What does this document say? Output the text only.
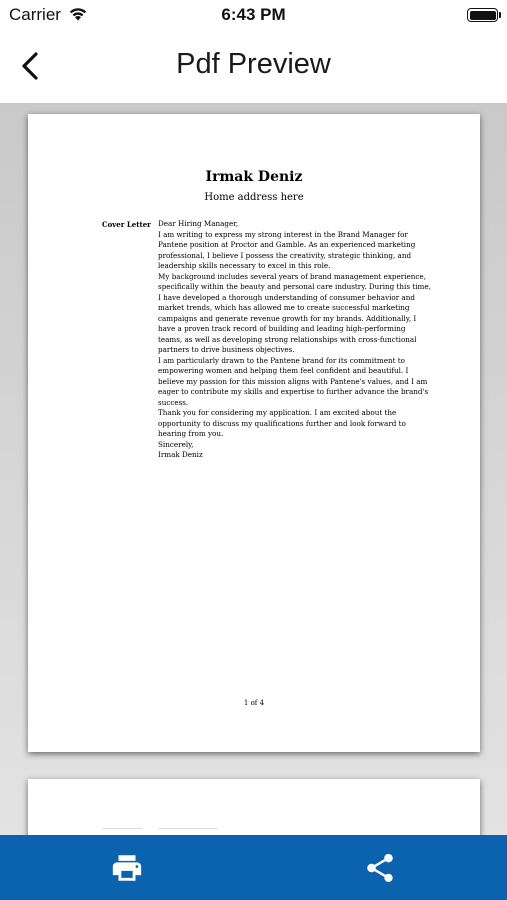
Carrier	6:43 PM
Pdf Preview
Irmak Deniz
Home address here
Cover Letter Dear Hiring Manager,
I am writing to express my strong interest in the Brand Manager for
Pantene position at Proctor and Gamble. As an experienced marketing
professional, I believe I possess the creativity, strategic thinking, and
leadership skills necessary to excel in this role.
My background includes several years of brand management experience,
specifically within the beauty and personal care industry. During this time,
I have developed a thorough understanding of consumer behavior and
market trends, which has allowed me to create successful marketing
campaigns and generate revenue growth for my brands. Additionally, I
have a proven track record of building and leading high-performing
teams, as well as developing strong relationships with cross-functional
partners to drive business objectives.
I am particularly drawn to the Pantene brand for its commitment to
empowering women and helping them feel confident and beautiful. I
believe my passion for this mission aligns with Pantene's values, and I am
eager to contribute my skills and expertise to further advance the brand's
success.
Thank you for considering my application. I am excited about the
opportunity to discuss my qualifications further and look forward to
hearing from you.
Sincerely,
Irmak Deniz
1 of 4
